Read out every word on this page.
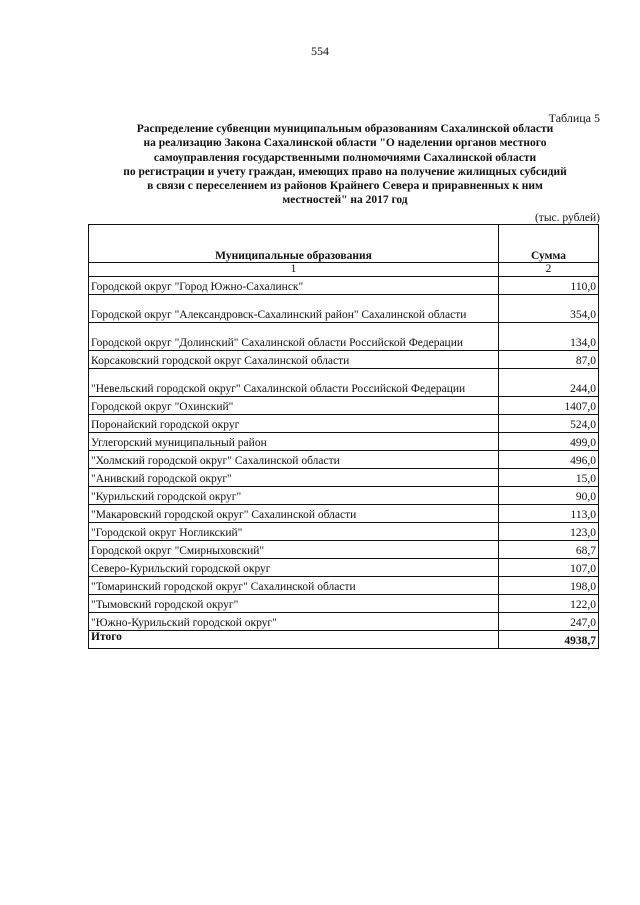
554
Таблица 5
Распределение субвенции муниципальным образованиям Сахалинской области
на реализацию Закона Сахалинской области "О наделении органов местного
самоуправления государственными полномочиями Сахалинской области
по регистрации и учету граждан, имеющих право на получение жилищных субсидий
в связи с переселением из районов Крайнего Севера и приравненных к ним
местностей" на 2017 год
(тыс. рублей)
Муниципальные образования	Сумма
1	2
Городской округ "Город Южно-Сахалинск"	110,0
Городской округ "Александровск-Сахалинский район" Сахалинской области	354,0
Городской округ "Долинский" Сахалинской области Российской Федерации	134,0
Корсаковский городской округ Сахалинской области	87,0
"Невельский городской округ" Сахалинской области Российской Федерации	244,0
Городской округ "Охинский"	1407,0
Поронайский городской округ	524,0
Углегорский муниципальный район	499,0
"Холмский городской округ" Сахалинской области	496,0
"Анивский городской округ"	15,0
"Курильский городской округ"	90,0
"Макаровский городской округ" Сахалинской области	113,0
"Городской округ Ногликский"	123,0
Городской округ "Смирныховский"	68,7
Северо-Курильский городской округ	107,0
"Томаринский городской округ" Сахалинской области	198,0
"Тымовский городской округ"	122,0
"Южно-Курильский городской округ"	247,0
Итого	4938,7
